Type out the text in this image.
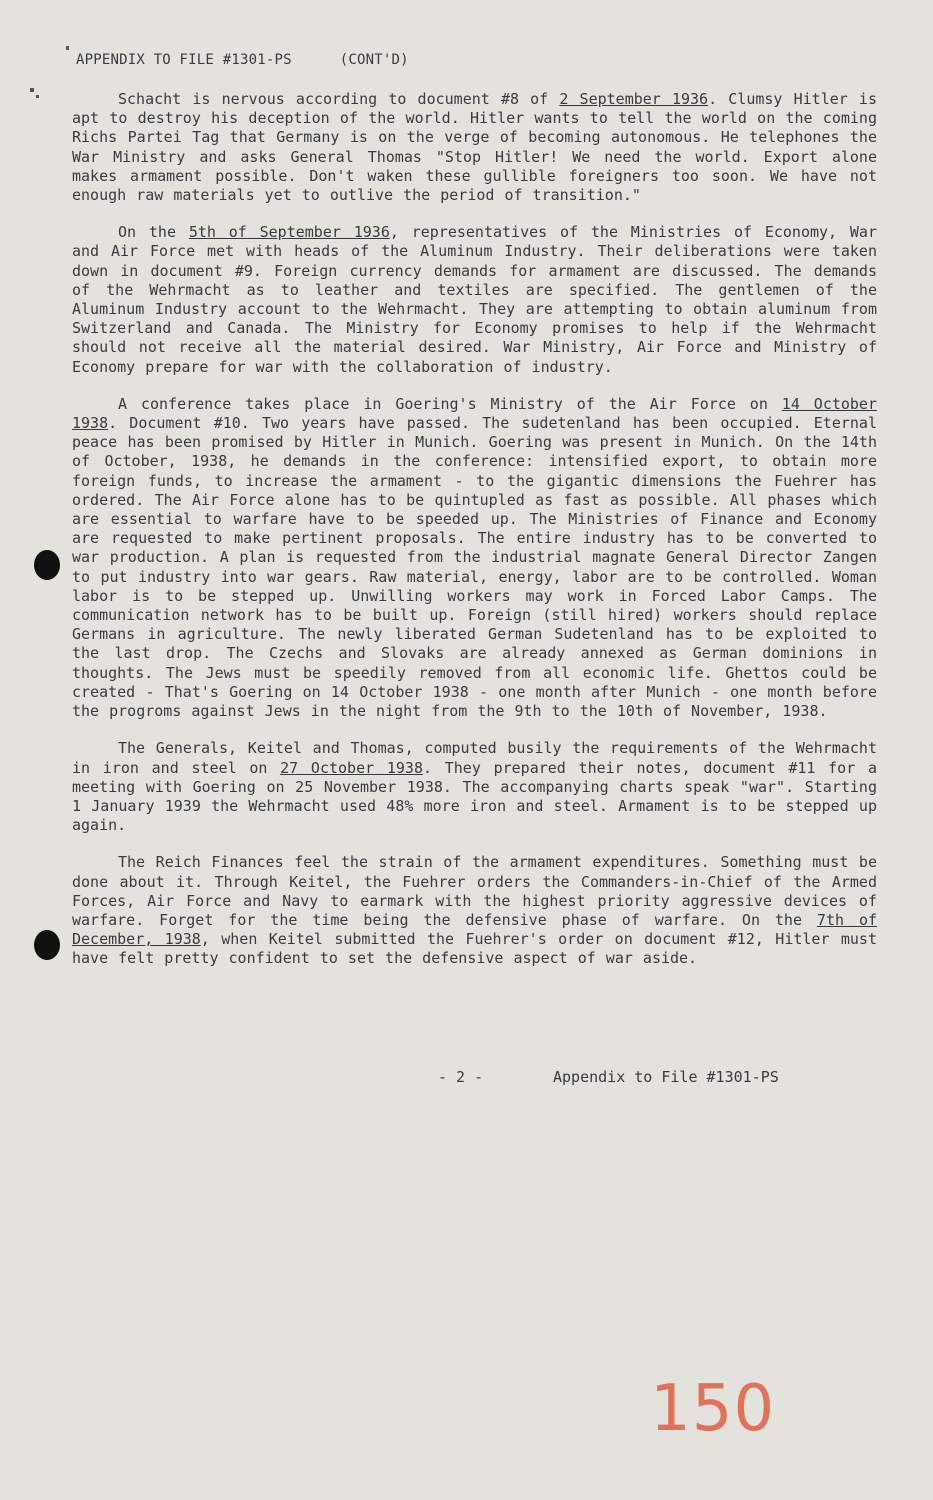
APPENDIX TO FILE #1301-PS	(CONT'D)

Schacht is nervous according to document #8 of 2 September 1936. Clumsy Hitler is apt to destroy his deception of the world. Hitler wants to tell the world on the coming Richs Partei Tag that Germany is on the verge of becoming autonomous. He telephones the War Ministry and asks General Thomas "Stop Hitler! We need the world. Export alone makes armament possible. Don't waken these gullible foreigners too soon. We have not enough raw materials yet to outlive the period of transition."

On the 5th of September 1936, representatives of the Ministries of Economy, War and Air Force met with heads of the Aluminum Industry. Their deliberations were taken down in document #9. Foreign currency demands for armament are discussed. The demands of the Wehrmacht as to leather and textiles are specified. The gentlemen of the Aluminum Industry account to the Wehrmacht. They are attempting to obtain aluminum from Switzerland and Canada. The Ministry for Economy promises to help if the Wehrmacht should not receive all the material desired. War Ministry, Air Force and Ministry of Economy prepare for war with the collaboration of industry.

A conference takes place in Goering's Ministry of the Air Force on 14 October 1938. Document #10. Two years have passed. The sudetenland has been occupied. Eternal peace has been promised by Hitler in Munich. Goering was present in Munich. On the 14th of October, 1938, he demands in the conference: intensified export, to obtain more foreign funds, to increase the armament - to the gigantic dimensions the Fuehrer has ordered. The Air Force alone has to be quintupled as fast as possible. All phases which are essential to warfare have to be speeded up. The Ministries of Finance and Economy are requested to make pertinent proposals. The entire industry has to be converted to war production. A plan is requested from the industrial magnate General Director Zangen to put industry into war gears. Raw material, energy, labor are to be controlled. Woman labor is to be stepped up. Unwilling workers may work in Forced Labor Camps. The communication network has to be built up. Foreign (still hired) workers should replace Germans in agriculture. The newly liberated German Sudetenland has to be exploited to the last drop. The Czechs and Slovaks are already annexed as German dominions in thoughts. The Jews must be speedily removed from all economic life. Ghettos could be created - That's Goering on 14 October 1938 - one month after Munich - one month before the progroms against Jews in the night from the 9th to the 10th of November, 1938.

The Generals, Keitel and Thomas, computed busily the requirements of the Wehrmacht in iron and steel on 27 October 1938. They prepared their notes, document #11 for a meeting with Goering on 25 November 1938. The accompanying charts speak "war". Starting 1 January 1939 the Wehrmacht used 48% more iron and steel. Armament is to be stepped up again.

The Reich Finances feel the strain of the armament expenditures. Something must be done about it. Through Keitel, the Fuehrer orders the Commanders-in-Chief of the Armed Forces, Air Force and Navy to earmark with the highest priority aggressive devices of warfare. Forget for the time being the defensive phase of warfare. On the 7th of December, 1938, when Keitel submitted the Fuehrer's order on document #12, Hitler must have felt pretty confident to set the defensive aspect of war aside.

- 2 -	Appendix to File #1301-PS
150
